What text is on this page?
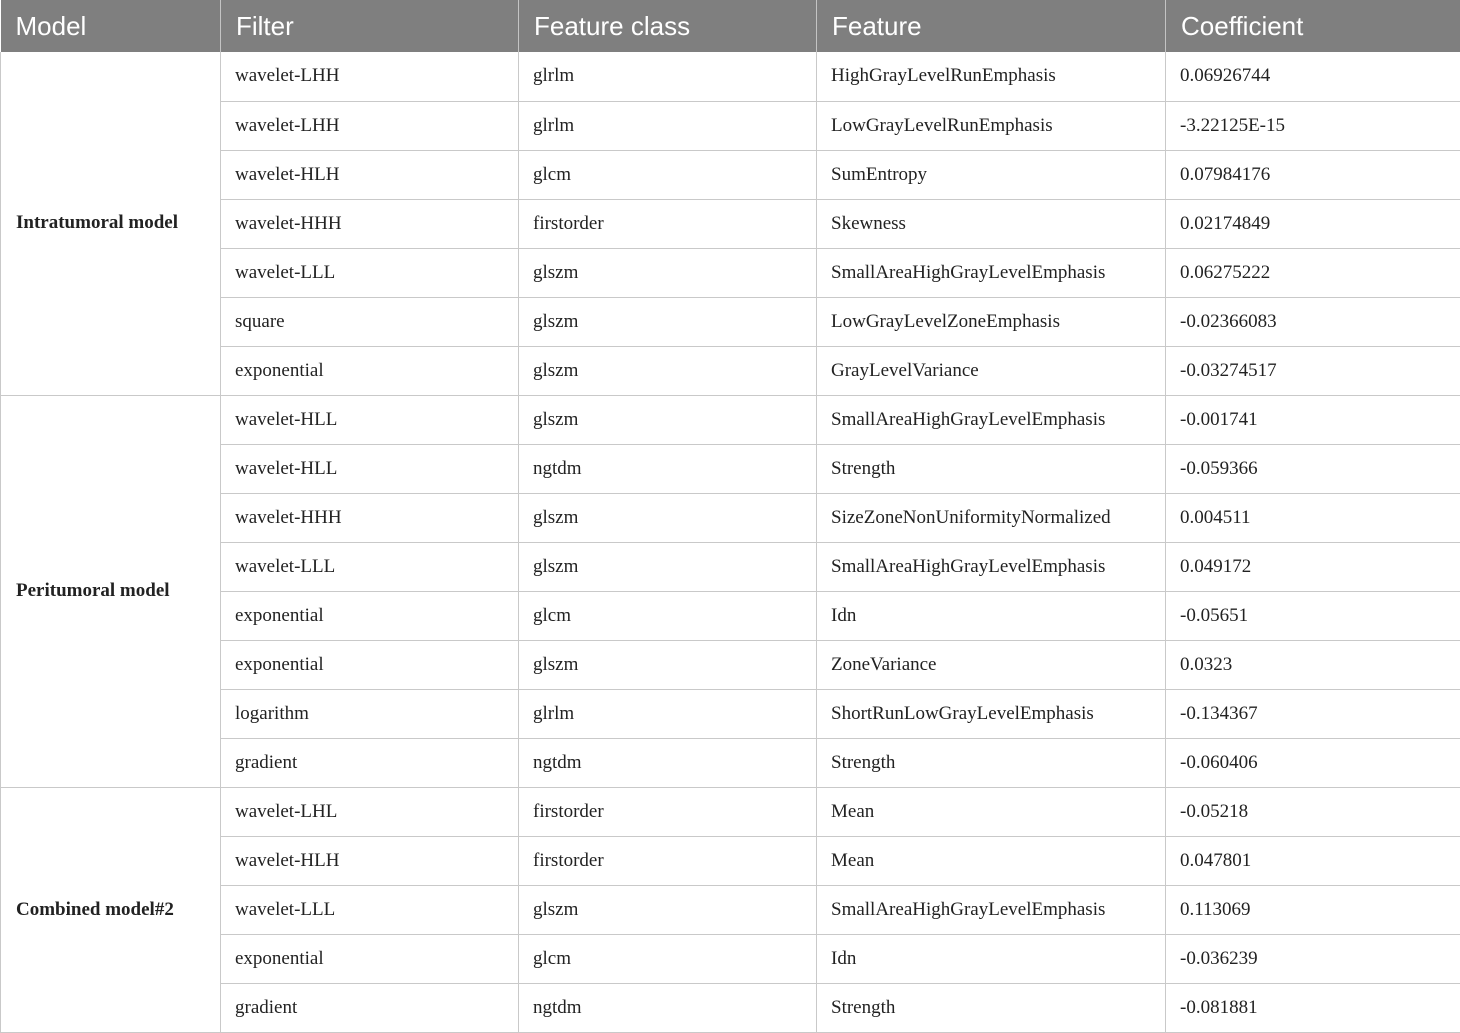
Model	Filter	Feature class	Feature	Coefficient
Intratumoral model	wavelet-LHH	glrlm	HighGrayLevelRunEmphasis	0.06926744
	wavelet-LHH	glrlm	LowGrayLevelRunEmphasis	-3.22125E-15
	wavelet-HLH	glcm	SumEntropy	0.07984176
	wavelet-HHH	firstorder	Skewness	0.02174849
	wavelet-LLL	glszm	SmallAreaHighGrayLevelEmphasis	0.06275222
	square	glszm	LowGrayLevelZoneEmphasis	-0.02366083
	exponential	glszm	GrayLevelVariance	-0.03274517
Peritumoral model	wavelet-HLL	glszm	SmallAreaHighGrayLevelEmphasis	-0.001741
	wavelet-HLL	ngtdm	Strength	-0.059366
	wavelet-HHH	glszm	SizeZoneNonUniformityNormalized	0.004511
	wavelet-LLL	glszm	SmallAreaHighGrayLevelEmphasis	0.049172
	exponential	glcm	Idn	-0.05651
	exponential	glszm	ZoneVariance	0.0323
	logarithm	glrlm	ShortRunLowGrayLevelEmphasis	-0.134367
	gradient	ngtdm	Strength	-0.060406
Combined model#2	wavelet-LHL	firstorder	Mean	-0.05218
	wavelet-HLH	firstorder	Mean	0.047801
	wavelet-LLL	glszm	SmallAreaHighGrayLevelEmphasis	0.113069
	exponential	glcm	Idn	-0.036239
	gradient	ngtdm	Strength	-0.081881
